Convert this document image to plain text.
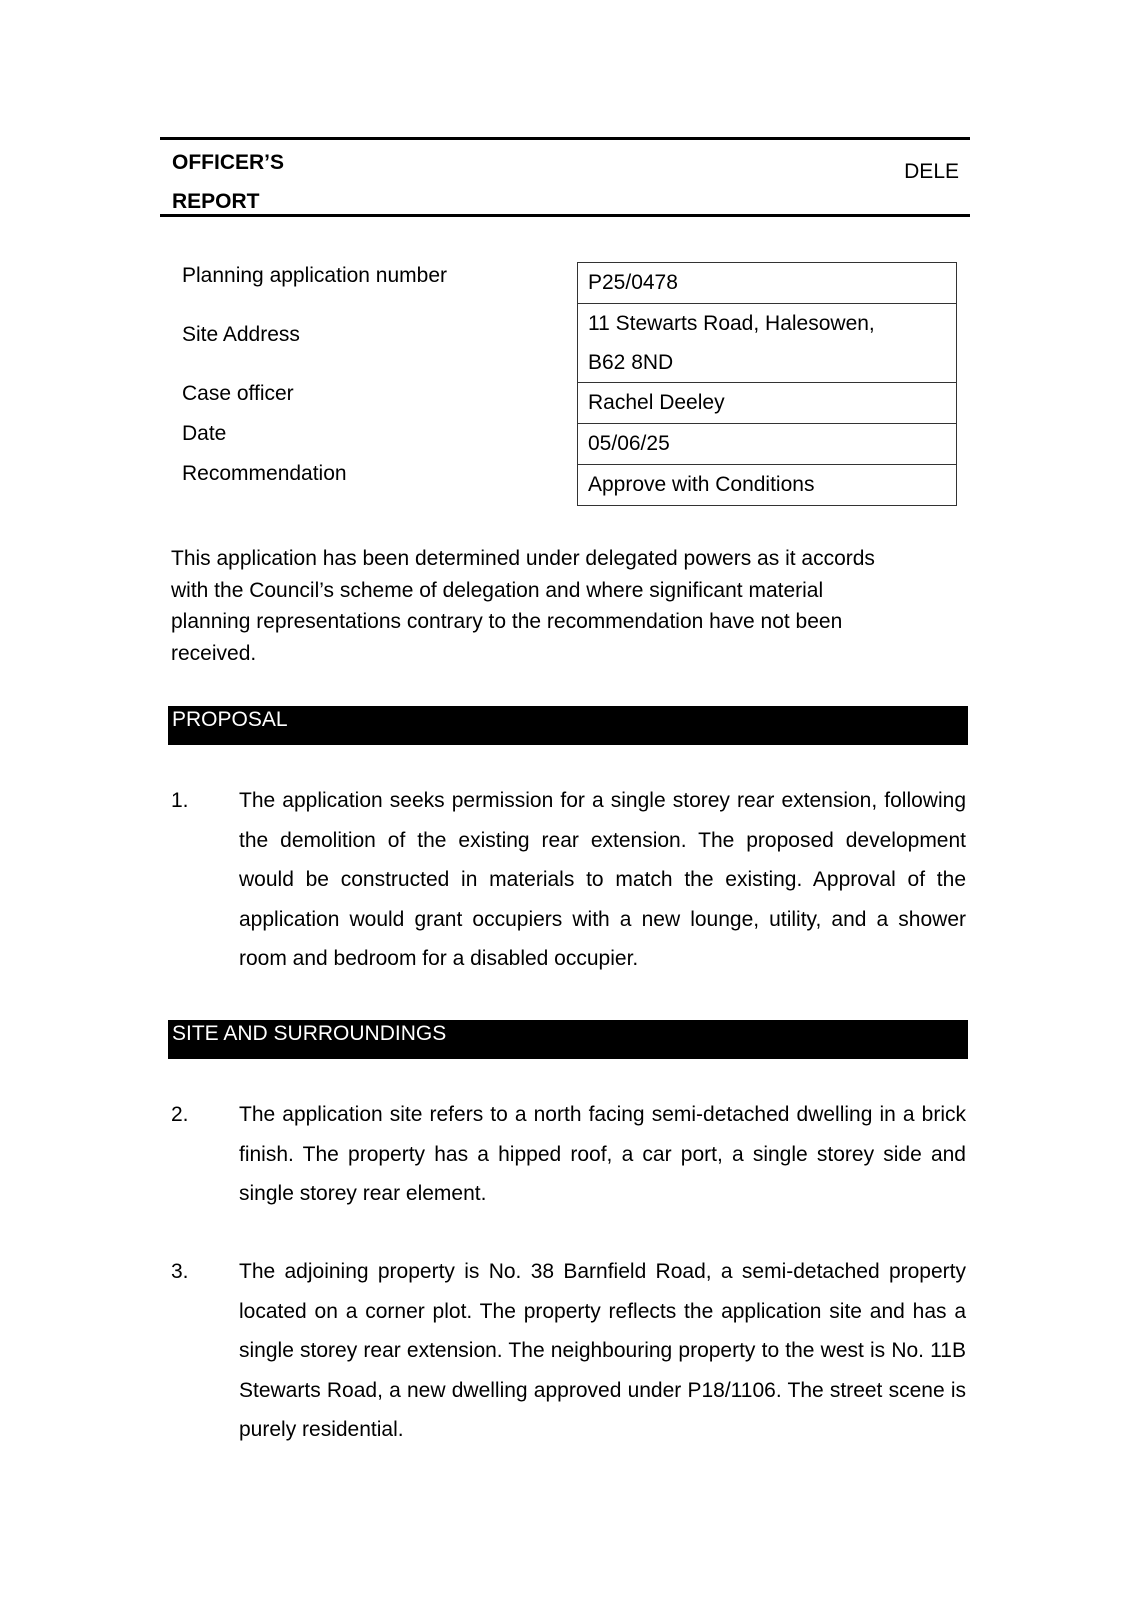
OFFICER’S
REPORT
DELE
Planning application number
Site Address
Case officer
Date
Recommendation
P25/0478
11 Stewarts Road, Halesowen,
B62 8ND
Rachel Deeley
05/06/25
Approve with Conditions
This application has been determined under delegated powers as it accords
with the Council’s scheme of delegation and where significant material
planning representations contrary to the recommendation have not been
received.
PROPOSAL
1. The application seeks permission for a single storey rear extension, following the demolition of the existing rear extension. The proposed development would be constructed in materials to match the existing. Approval of the application would grant occupiers with a new lounge, utility, and a shower room and bedroom for a disabled occupier.
SITE AND SURROUNDINGS
2. The application site refers to a north facing semi-detached dwelling in a brick finish. The property has a hipped roof, a car port, a single storey side and single storey rear element.
3. The adjoining property is No. 38 Barnfield Road, a semi-detached property located on a corner plot. The property reflects the application site and has a single storey rear extension. The neighbouring property to the west is No. 11B Stewarts Road, a new dwelling approved under P18/1106. The street scene is purely residential.
